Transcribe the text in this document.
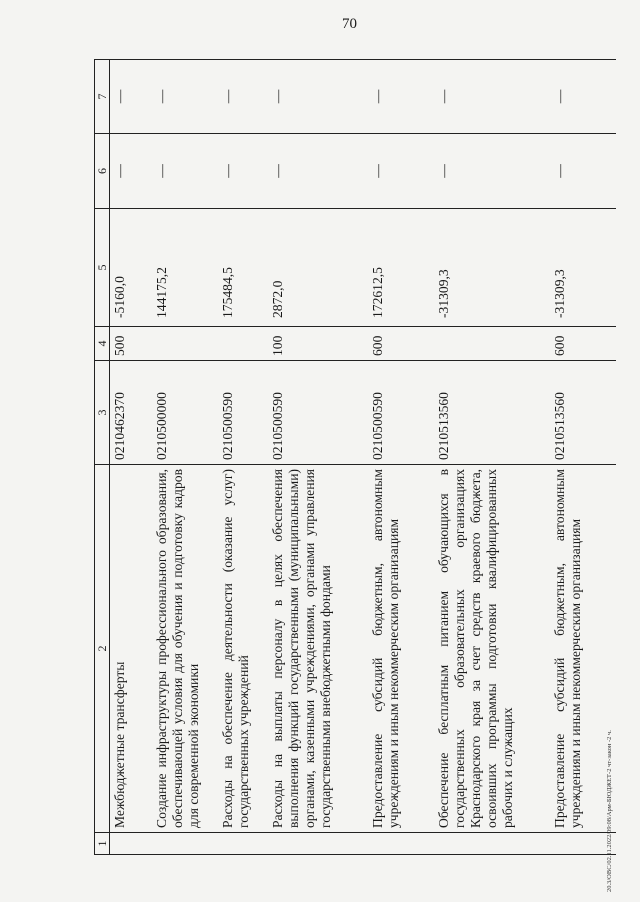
70
20.3/ОВС/02.11.2022/09:08/Арм-БЮДЖЕТ-2 чт-закон -2 ч.
1	2	3	4	5	6	7
	Межбюджетные трансферты	0210462370	500	-5160,0	—	—
	Создание инфраструктуры профессионального образования, обеспечивающей условия для обучения и подготовку кадров для современной экономики	0210500000		144175,2	—	—
	Расходы на обеспечение деятельности (оказание услуг) государственных учреждений	0210500590		175484,5	—	—
	Расходы на выплаты персоналу в целях обеспечения выполнения функций государственными (муниципальными) органами, казенными учреждениями, органами управления государственными внебюджетными фондами	0210500590	100	2872,0	—	—
	Предоставление субсидий бюджетным, автономным учреждениям и иным некоммерческим организациям	0210500590	600	172612,5	—	—
	Обеспечение бесплатным питанием обучающихся в государственных образовательных организациях Краснодарского края за счет средств краевого бюджета, освоивших программы подготовки квалифицированных рабочих и служащих	0210513560		-31309,3	—	—
	Предоставление субсидий бюджетным, автономным учреждениям и иным некоммерческим организациям	0210513560	600	-31309,3	—	—
